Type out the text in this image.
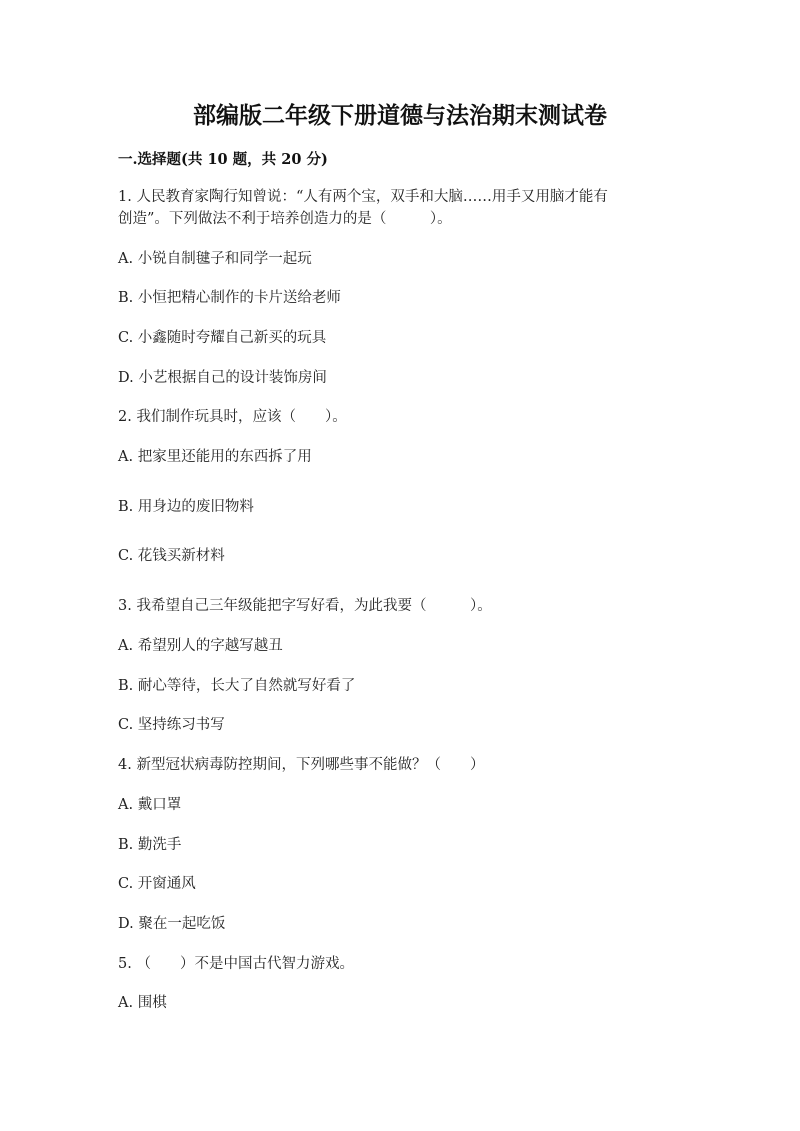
部编版二年级下册道德与法治期末测试卷
一.选择题(共 10 题，共 20 分)
1. 人民教育家陶行知曾说：“人有两个宝，双手和大脑……用手又用脑才能有
创造”。下列做法不利于培养创造力的是（　　　）。
A. 小锐自制毽子和同学一起玩
B. 小恒把精心制作的卡片送给老师
C. 小鑫随时夸耀自己新买的玩具
D. 小艺根据自己的设计装饰房间
2. 我们制作玩具时，应该（　　）。
A. 把家里还能用的东西拆了用
B. 用身边的废旧物料
C. 花钱买新材料
3. 我希望自己三年级能把字写好看，为此我要（　　　）。
A. 希望别人的字越写越丑
B. 耐心等待，长大了自然就写好看了
C. 坚持练习书写
4. 新型冠状病毒防控期间，下列哪些事不能做？（　　）
A. 戴口罩
B. 勤洗手
C. 开窗通风
D. 聚在一起吃饭
5. （　　）不是中国古代智力游戏。
A. 围棋
